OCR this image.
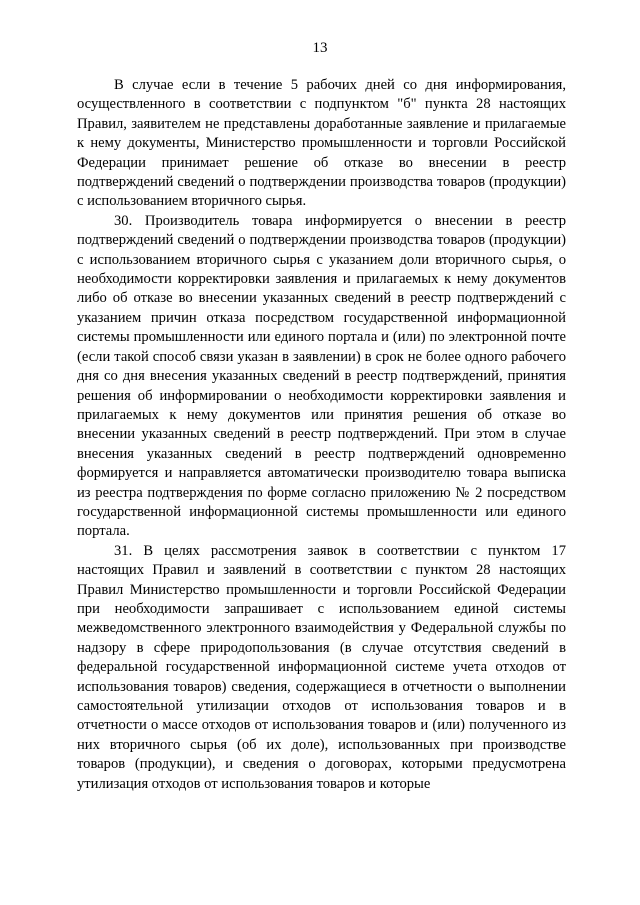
13

В случае если в течение 5 рабочих дней со дня информирования, осуществленного в соответствии с подпунктом "б" пункта 28 настоящих Правил, заявителем не представлены доработанные заявление и прилагаемые к нему документы, Министерство промышленности и торговли Российской Федерации принимает решение об отказе во внесении в реестр подтверждений сведений о подтверждении производства товаров (продукции) с использованием вторичного сырья.

30. Производитель товара информируется о внесении в реестр подтверждений сведений о подтверждении производства товаров (продукции) с использованием вторичного сырья с указанием доли вторичного сырья, о необходимости корректировки заявления и прилагаемых к нему документов либо об отказе во внесении указанных сведений в реестр подтверждений с указанием причин отказа посредством государственной информационной системы промышленности или единого портала и (или) по электронной почте (если такой способ связи указан в заявлении) в срок не более одного рабочего дня со дня внесения указанных сведений в реестр подтверждений, принятия решения об информировании о необходимости корректировки заявления и прилагаемых к нему документов или принятия решения об отказе во внесении указанных сведений в реестр подтверждений. При этом в случае внесения указанных сведений в реестр подтверждений одновременно формируется и направляется автоматически производителю товара выписка из реестра подтверждения по форме согласно приложению № 2 посредством государственной информационной системы промышленности или единого портала.

31. В целях рассмотрения заявок в соответствии с пунктом 17 настоящих Правил и заявлений в соответствии с пунктом 28 настоящих Правил Министерство промышленности и торговли Российской Федерации при необходимости запрашивает с использованием единой системы межведомственного электронного взаимодействия у Федеральной службы по надзору в сфере природопользования (в случае отсутствия сведений в федеральной государственной информационной системе учета отходов от использования товаров) сведения, содержащиеся в отчетности о выполнении самостоятельной утилизации отходов от использования товаров и в отчетности о массе отходов от использования товаров и (или) полученного из них вторичного сырья (об их доле), использованных при производстве товаров (продукции), и сведения о договорах, которыми предусмотрена утилизация отходов от использования товаров и которые
